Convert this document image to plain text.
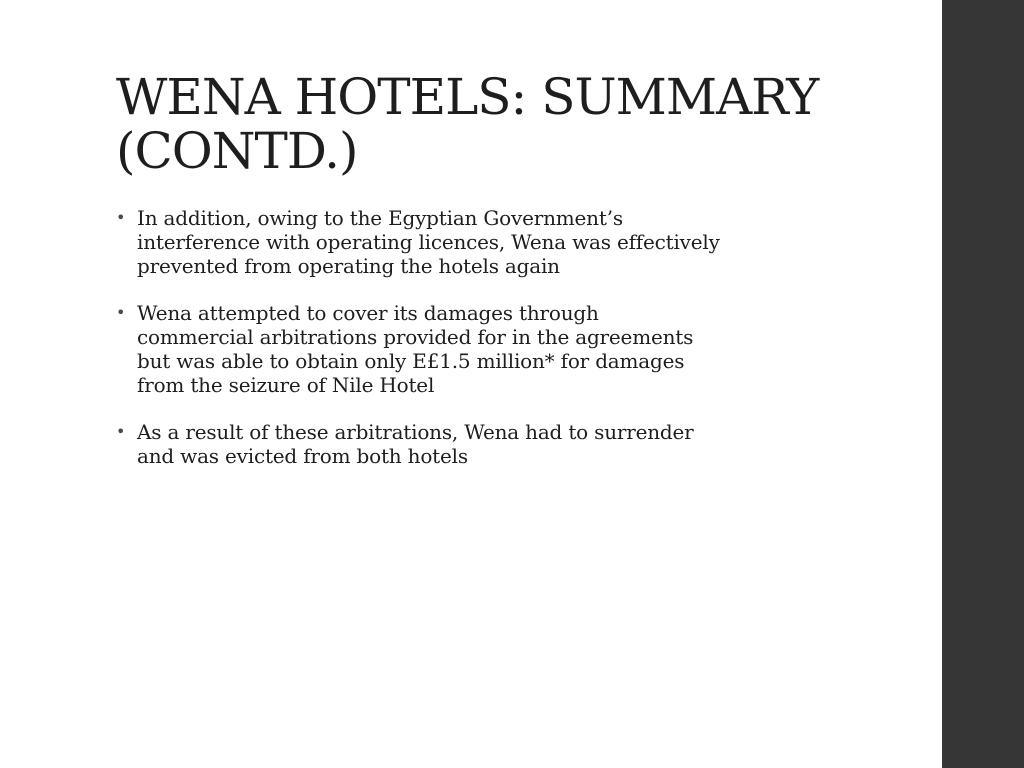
WENA HOTELS: SUMMARY
(CONTD.)
• In addition, owing to the Egyptian Government’s
interference with operating licences, Wena was effectively
prevented from operating the hotels again
• Wena attempted to cover its damages through
commercial arbitrations provided for in the agreements
but was able to obtain only E£1.5 million* for damages
from the seizure of Nile Hotel
• As a result of these arbitrations, Wena had to surrender
and was evicted from both hotels
